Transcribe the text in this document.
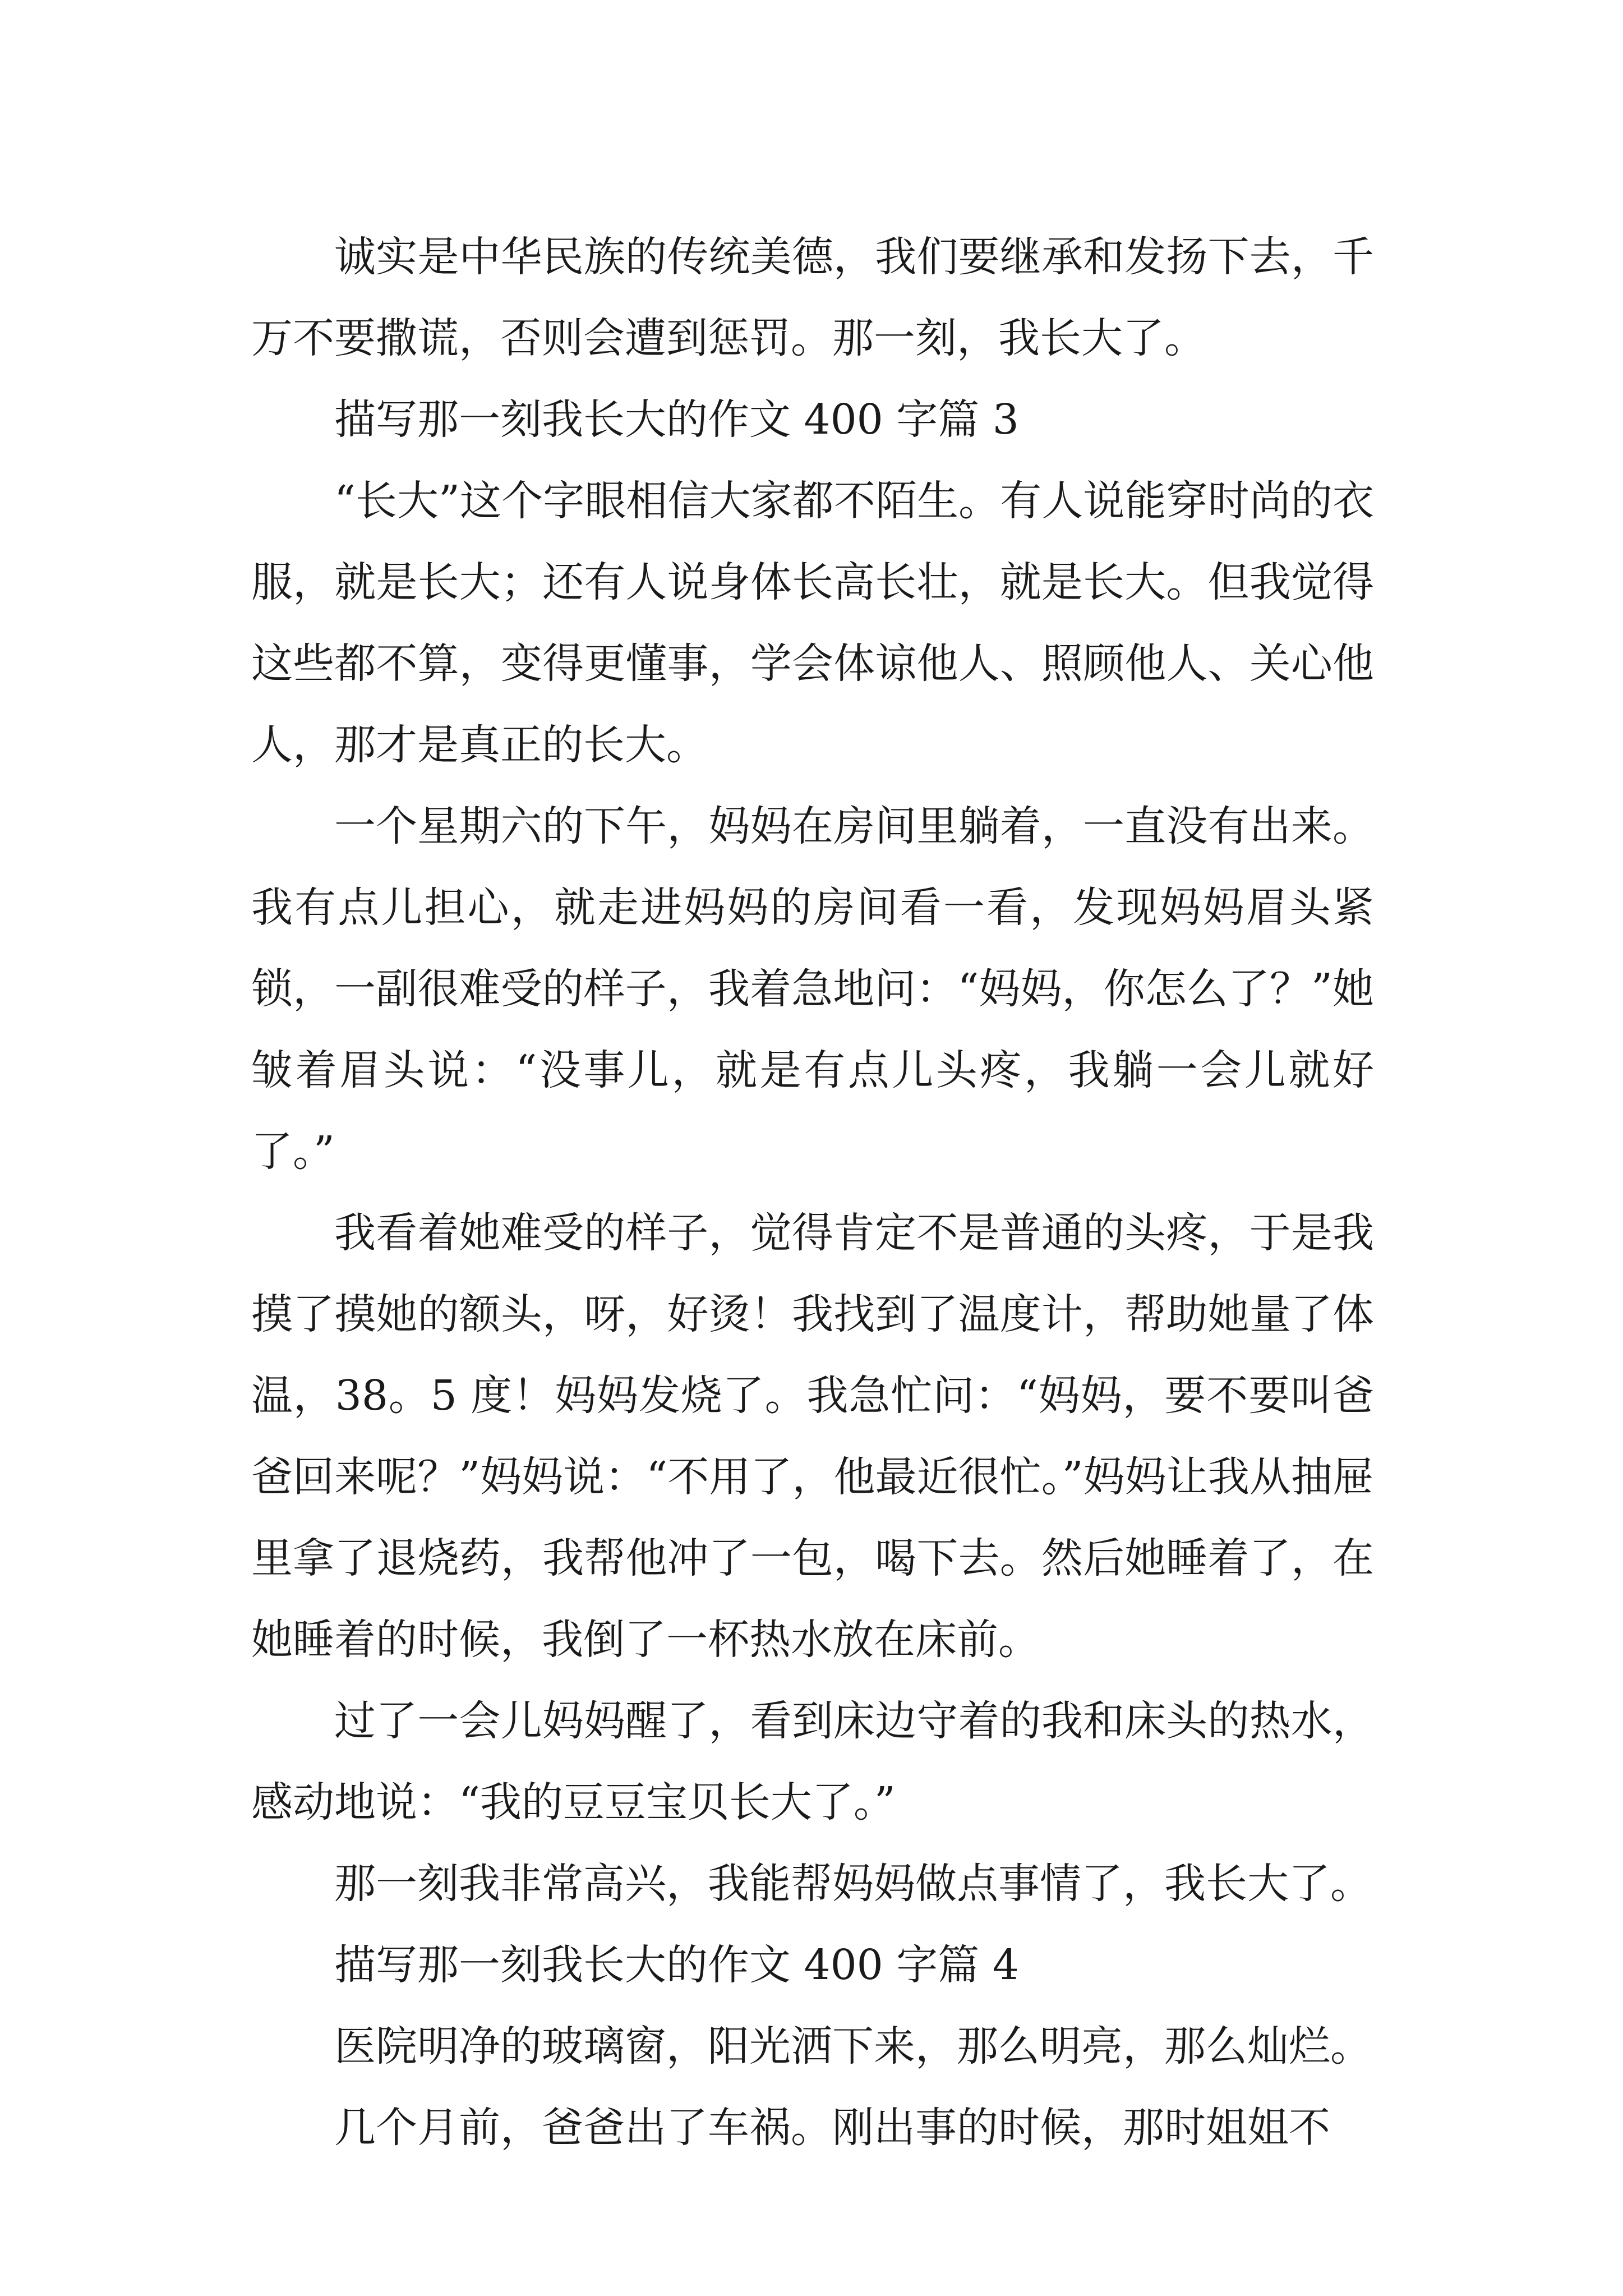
诚实是中华民族的传统美德，我们要继承和发扬下去，千万不要撒谎，否则会遭到惩罚。那一刻，我长大了。

描写那一刻我长大的作文 400 字篇 3

“长大”这个字眼相信大家都不陌生。有人说能穿时尚的衣服，就是长大；还有人说身体长高长壮，就是长大。但我觉得这些都不算，变得更懂事，学会体谅他人、照顾他人、关心他人，那才是真正的长大。

一个星期六的下午，妈妈在房间里躺着，一直没有出来。我有点儿担心，就走进妈妈的房间看一看，发现妈妈眉头紧锁，一副很难受的样子，我着急地问：“妈妈，你怎么了？”她皱着眉头说：“没事儿，就是有点儿头疼，我躺一会儿就好了。”

我看着她难受的样子，觉得肯定不是普通的头疼，于是我摸了摸她的额头，呀，好烫！我找到了温度计，帮助她量了体温，38。5 度！妈妈发烧了。我急忙问：“妈妈，要不要叫爸爸回来呢？”妈妈说：“不用了，他最近很忙。”妈妈让我从抽屉里拿了退烧药，我帮他冲了一包，喝下去。然后她睡着了，在她睡着的时候，我倒了一杯热水放在床前。

过了一会儿妈妈醒了，看到床边守着的我和床头的热水，感动地说：“我的豆豆宝贝长大了。”

那一刻我非常高兴，我能帮妈妈做点事情了，我长大了。

描写那一刻我长大的作文 400 字篇 4

医院明净的玻璃窗，阳光洒下来，那么明亮，那么灿烂。

几个月前，爸爸出了车祸。刚出事的时候，那时姐姐不
